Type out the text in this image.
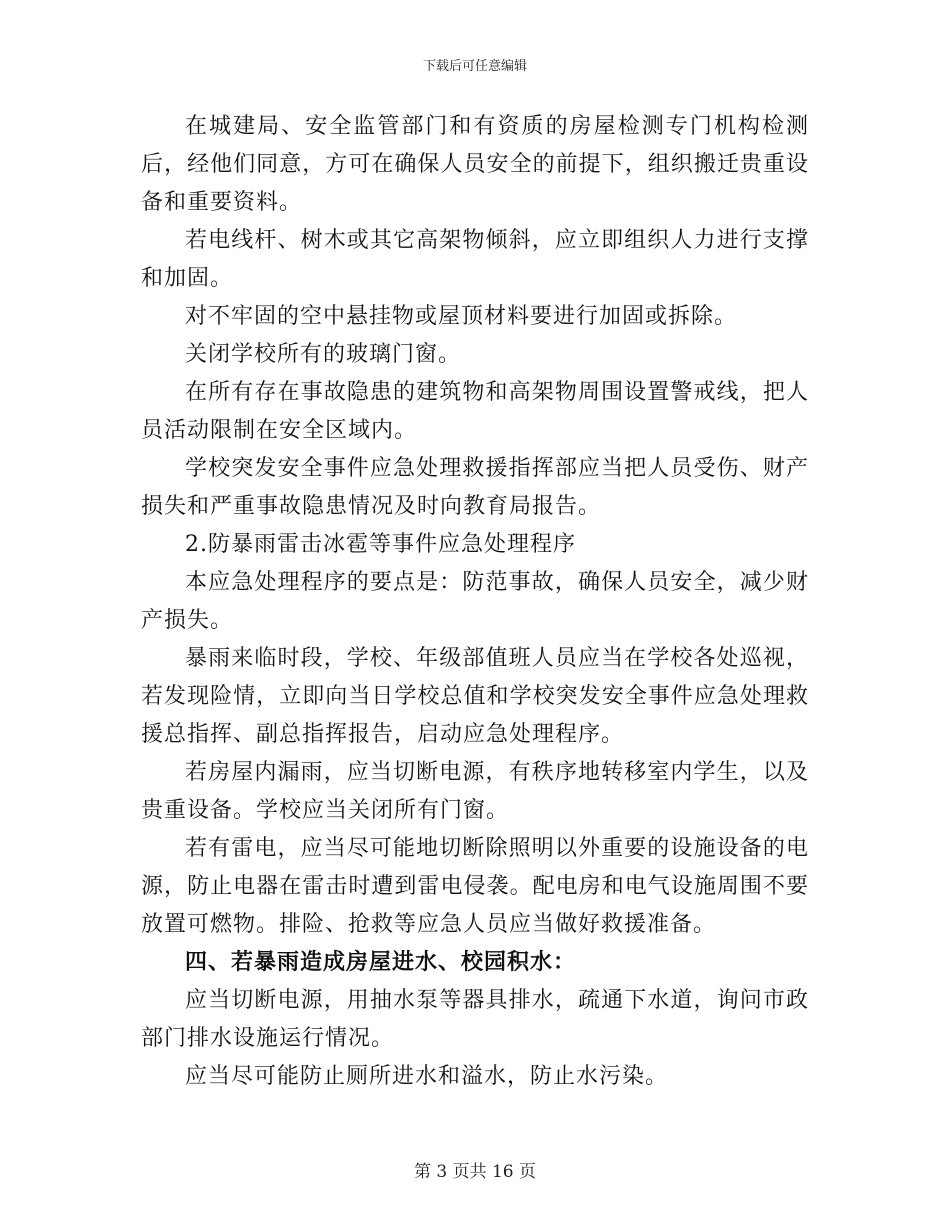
下载后可任意编辑

在城建局、安全监管部门和有资质的房屋检测专门机构检测后，经他们同意，方可在确保人员安全的前提下，组织搬迁贵重设备和重要资料。

若电线杆、树木或其它高架物倾斜，应立即组织人力进行支撑和加固。

对不牢固的空中悬挂物或屋顶材料要进行加固或拆除。

关闭学校所有的玻璃门窗。

在所有存在事故隐患的建筑物和高架物周围设置警戒线，把人员活动限制在安全区域内。

学校突发安全事件应急处理救援指挥部应当把人员受伤、财产损失和严重事故隐患情况及时向教育局报告。

2.防暴雨雷击冰雹等事件应急处理程序

本应急处理程序的要点是：防范事故，确保人员安全，减少财产损失。

暴雨来临时段，学校、年级部值班人员应当在学校各处巡视，若发现险情，立即向当日学校总值和学校突发安全事件应急处理救援总指挥、副总指挥报告，启动应急处理程序。

若房屋内漏雨，应当切断电源，有秩序地转移室内学生，以及贵重设备。学校应当关闭所有门窗。

若有雷电，应当尽可能地切断除照明以外重要的设施设备的电源，防止电器在雷击时遭到雷电侵袭。配电房和电气设施周围不要放置可燃物。排险、抢救等应急人员应当做好救援准备。

四、若暴雨造成房屋进水、校园积水：

应当切断电源，用抽水泵等器具排水，疏通下水道，询问市政部门排水设施运行情况。

应当尽可能防止厕所进水和溢水，防止水污染。

第 3 页共 16 页
